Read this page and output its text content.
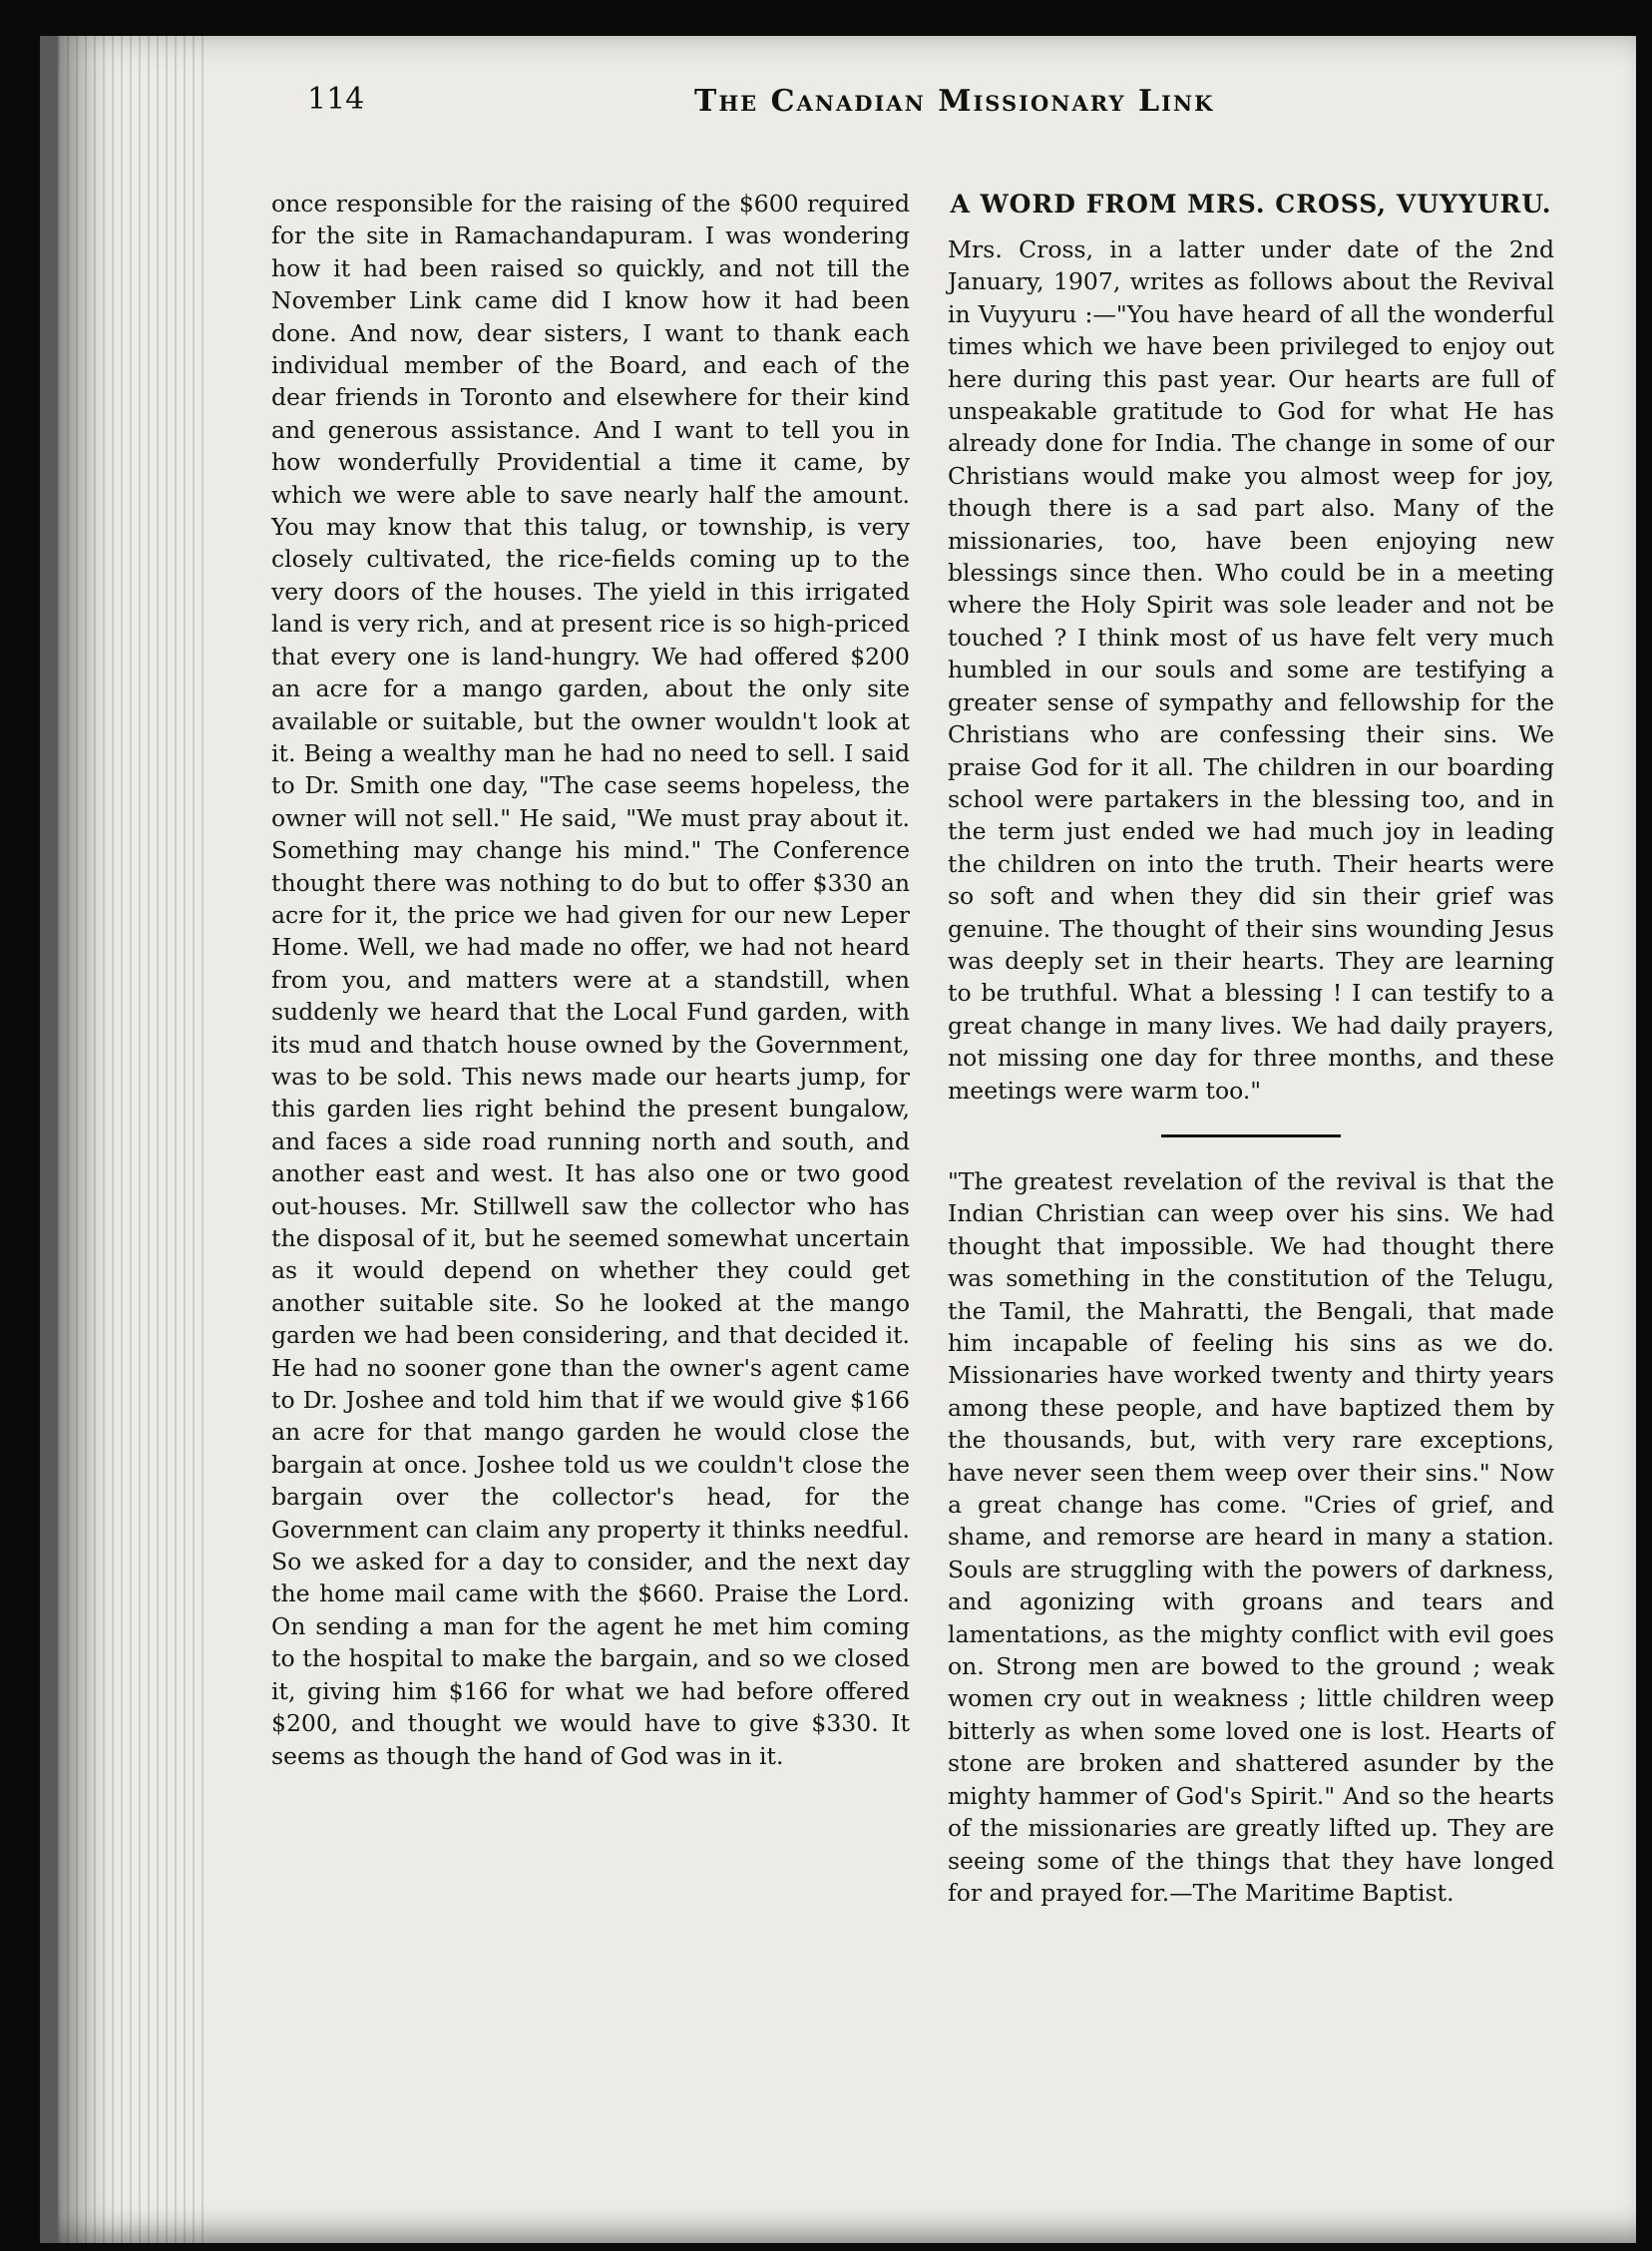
114	The Canadian Missionary Link

once responsible for the raising of the $600 required for the site in Ramachandapuram. I was wondering how it had been raised so quickly, and not till the November Link came did I know how it had been done. And now, dear sisters, I want to thank each individual member of the Board, and each of the dear friends in Toronto and elsewhere for their kind and generous assistance. And I want to tell you in how wonderfully Providential a time it came, by which we were able to save nearly half the amount. You may know that this talug, or township, is very closely cultivated, the rice-fields coming up to the very doors of the houses. The yield in this irrigated land is very rich, and at present rice is so high-priced that every one is land-hungry. We had offered $200 an acre for a mango garden, about the only site available or suitable, but the owner wouldn't look at it. Being a wealthy man he had no need to sell. I said to Dr. Smith one day, "The case seems hopeless, the owner will not sell." He said, "We must pray about it. Something may change his mind." The Conference thought there was nothing to do but to offer $330 an acre for it, the price we had given for our new Leper Home. Well, we had made no offer, we had not heard from you, and matters were at a standstill, when suddenly we heard that the Local Fund garden, with its mud and thatch house owned by the Government, was to be sold. This news made our hearts jump, for this garden lies right behind the present bungalow, and faces a side road running north and south, and another east and west. It has also one or two good out-houses. Mr. Stillwell saw the collector who has the disposal of it, but he seemed somewhat uncertain as it would depend on whether they could get another suitable site. So he looked at the mango garden we had been considering, and that decided it. He had no sooner gone than the owner's agent came to Dr. Joshee and told him that if we would give $166 an acre for that mango garden he would close the bargain at once. Joshee told us we couldn't close the bargain over the collector's head, for the Government can claim any property it thinks needful. So we asked for a day to consider, and the next day the home mail came with the $660. Praise the Lord. On sending a man for the agent he met him coming to the hospital to make the bargain, and so we closed it, giving him $166 for what we had before offered $200, and thought we would have to give $330. It seems as though the hand of God was in it.

A WORD FROM MRS. CROSS, VUYYURU.

Mrs. Cross, in a latter under date of the 2nd January, 1907, writes as follows about the Revival in Vuyyuru :—"You have heard of all the wonderful times which we have been privileged to enjoy out here during this past year. Our hearts are full of unspeakable gratitude to God for what He has already done for India. The change in some of our Christians would make you almost weep for joy, though there is a sad part also. Many of the missionaries, too, have been enjoying new blessings since then. Who could be in a meeting where the Holy Spirit was sole leader and not be touched ? I think most of us have felt very much humbled in our souls and some are testifying a greater sense of sympathy and fellowship for the Christians who are confessing their sins. We praise God for it all. The children in our boarding school were partakers in the blessing too, and in the term just ended we had much joy in leading the children on into the truth. Their hearts were so soft and when they did sin their grief was genuine. The thought of their sins wounding Jesus was deeply set in their hearts. They are learning to be truthful. What a blessing ! I can testify to a great change in many lives. We had daily prayers, not missing one day for three months, and these meetings were warm too."

"The greatest revelation of the revival is that the Indian Christian can weep over his sins. We had thought that impossible. We had thought there was something in the constitution of the Telugu, the Tamil, the Mahratti, the Bengali, that made him incapable of feeling his sins as we do. Missionaries have worked twenty and thirty years among these people, and have baptized them by the thousands, but, with very rare exceptions, have never seen them weep over their sins." Now a great change has come. "Cries of grief, and shame, and remorse are heard in many a station. Souls are struggling with the powers of darkness, and agonizing with groans and tears and lamentations, as the mighty conflict with evil goes on. Strong men are bowed to the ground ; weak women cry out in weakness ; little children weep bitterly as when some loved one is lost. Hearts of stone are broken and shattered asunder by the mighty hammer of God's Spirit." And so the hearts of the missionaries are greatly lifted up. They are seeing some of the things that they have longed for and prayed for.—The Maritime Baptist.
